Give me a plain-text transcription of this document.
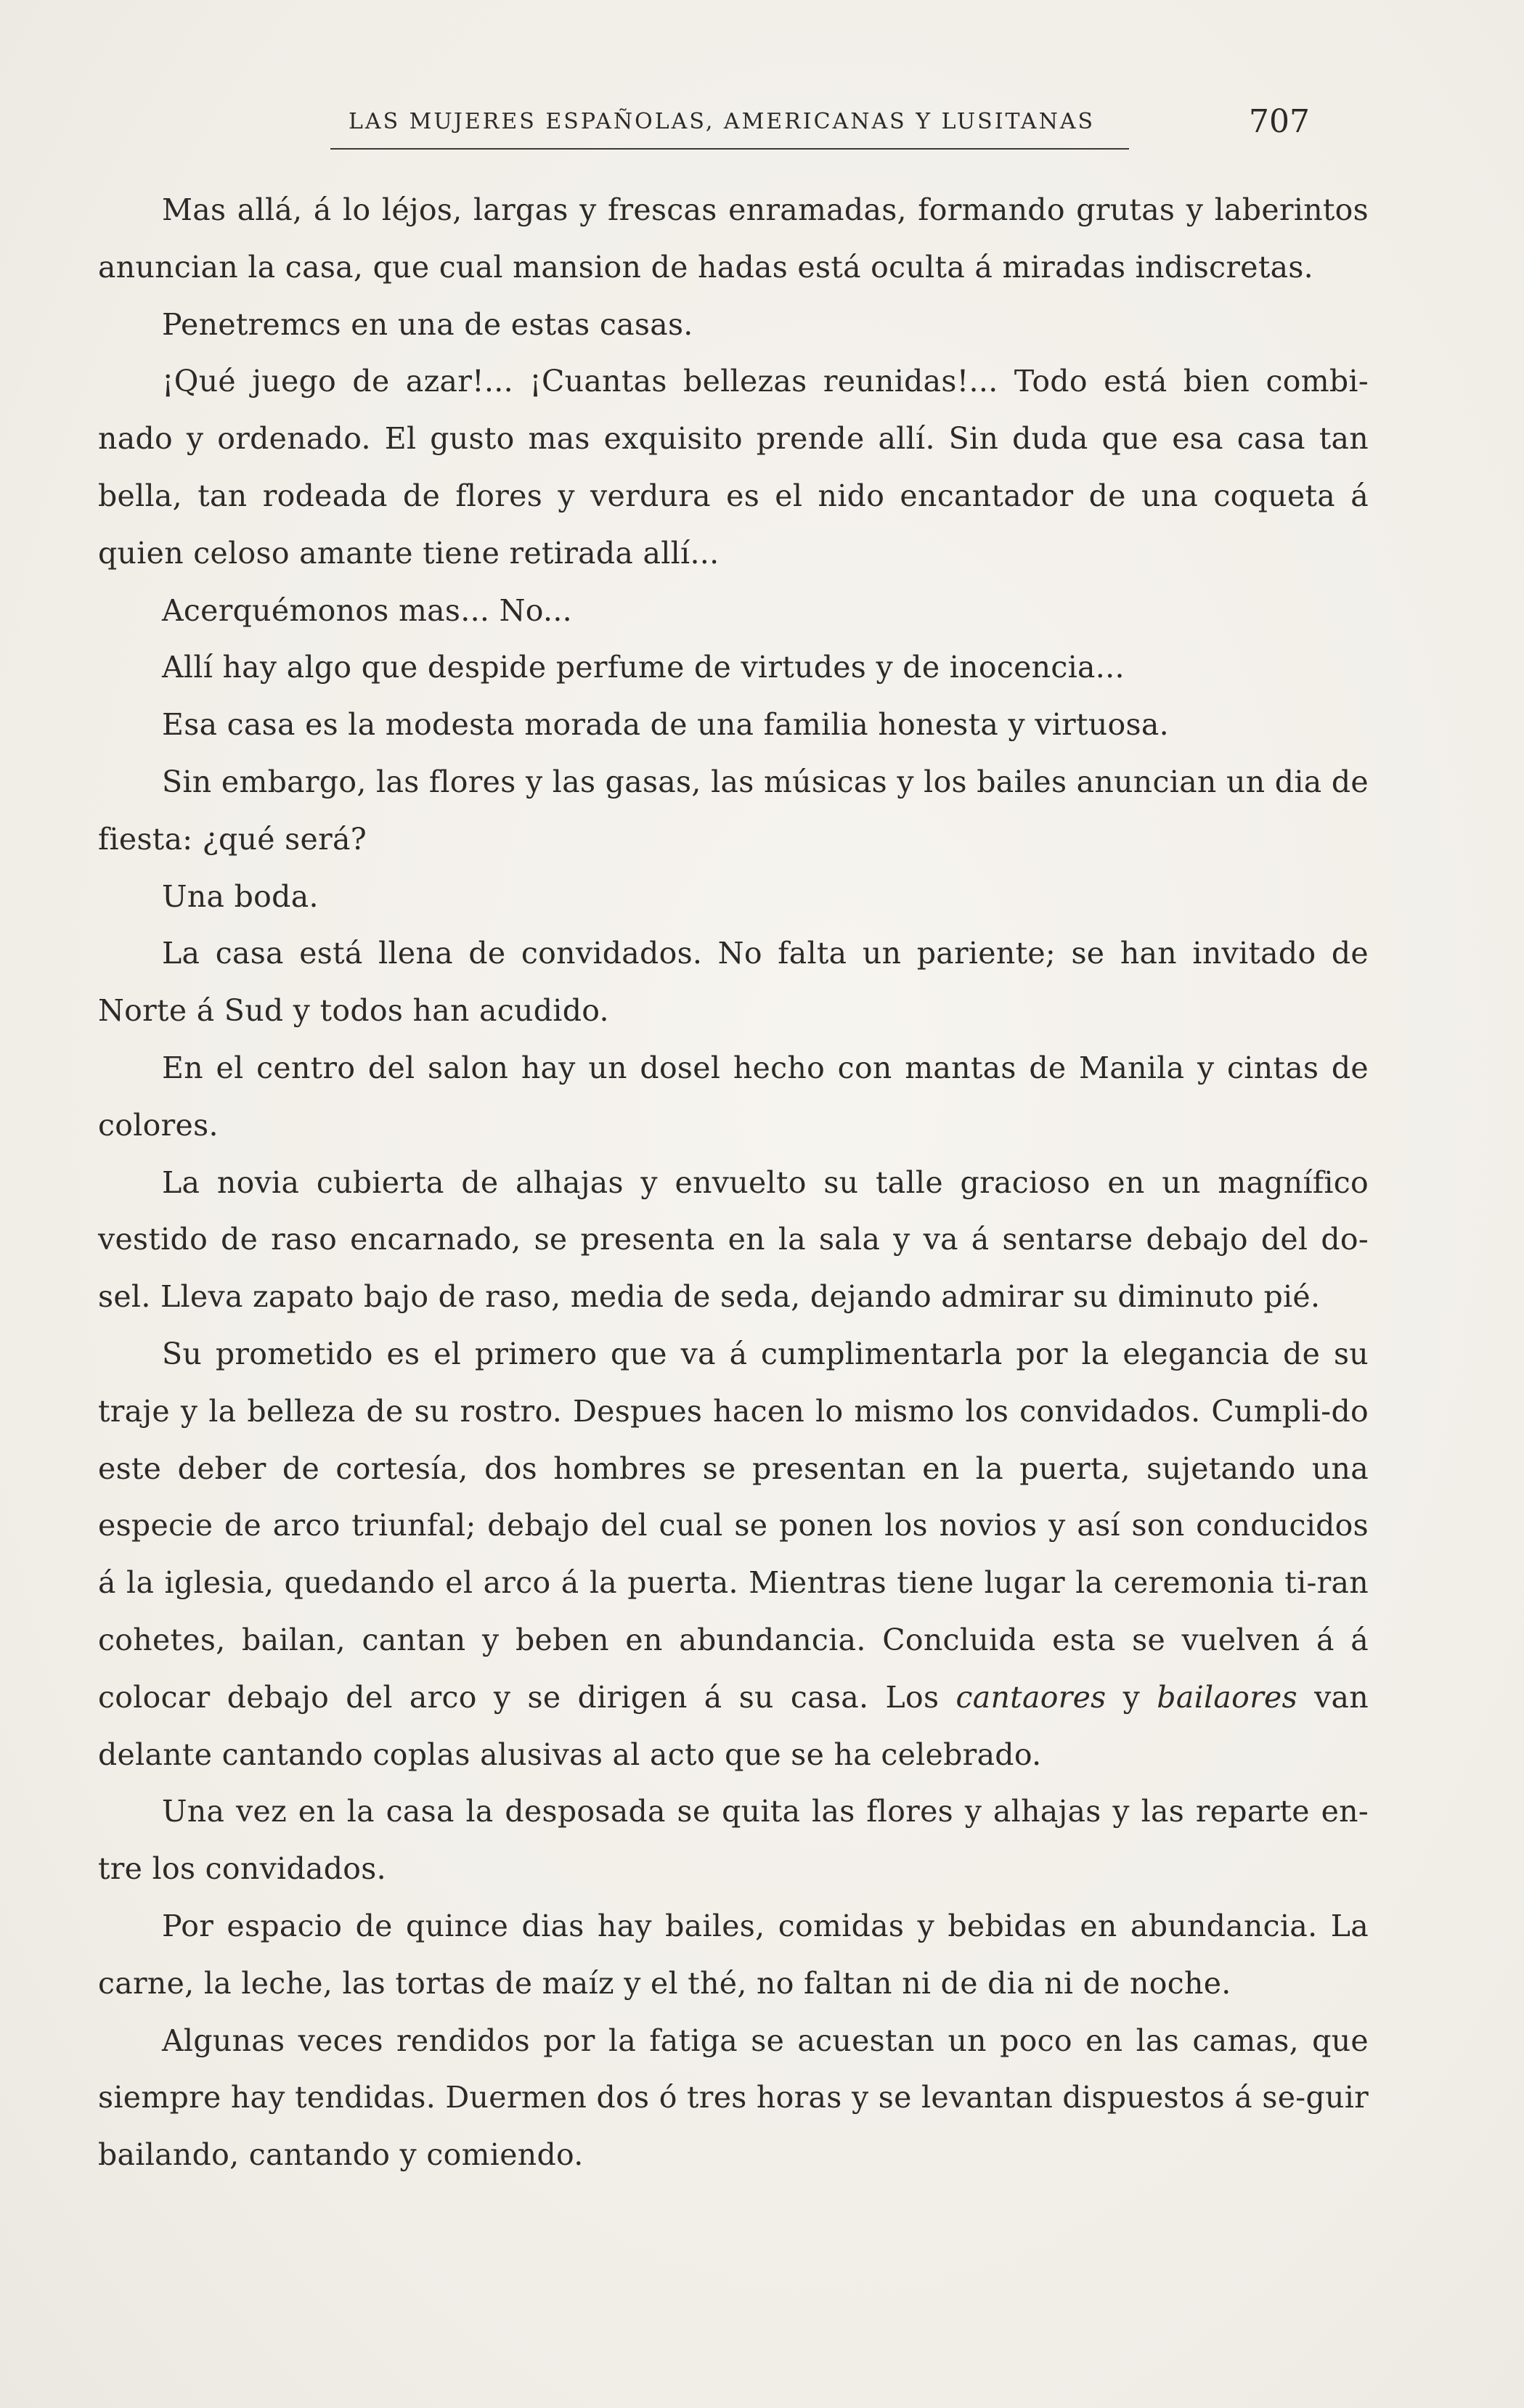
LAS MUJERES ESPAÑOLAS, AMERICANAS Y LUSITANAS	707

Mas allá, á lo léjos, largas y frescas enramadas, formando grutas y laberintos anuncian la casa, que cual mansion de hadas está oculta á miradas indiscretas.

Penetremcs en una de estas casas.

¡Qué juego de azar!... ¡Cuantas bellezas reunidas!... Todo está bien combi-nado y ordenado. El gusto mas exquisito prende allí. Sin duda que esa casa tan bella, tan rodeada de flores y verdura es el nido encantador de una coqueta á quien celoso amante tiene retirada allí...

Acerquémonos mas... No...

Allí hay algo que despide perfume de virtudes y de inocencia...

Esa casa es la modesta morada de una familia honesta y virtuosa.

Sin embargo, las flores y las gasas, las músicas y los bailes anuncian un dia de fiesta: ¿qué será?

Una boda.

La casa está llena de convidados. No falta un pariente; se han invitado de Norte á Sud y todos han acudido.

En el centro del salon hay un dosel hecho con mantas de Manila y cintas de colores.

La novia cubierta de alhajas y envuelto su talle gracioso en un magnífico vestido de raso encarnado, se presenta en la sala y va á sentarse debajo del do-sel. Lleva zapato bajo de raso, media de seda, dejando admirar su diminuto pié.

Su prometido es el primero que va á cumplimentarla por la elegancia de su traje y la belleza de su rostro. Despues hacen lo mismo los convidados. Cumpli-do este deber de cortesía, dos hombres se presentan en la puerta, sujetando una especie de arco triunfal; debajo del cual se ponen los novios y así son conducidos á la iglesia, quedando el arco á la puerta. Mientras tiene lugar la ceremonia ti-ran cohetes, bailan, cantan y beben en abundancia. Concluida esta se vuelven á á colocar debajo del arco y se dirigen á su casa. Los cantaores y bailaores van delante cantando coplas alusivas al acto que se ha celebrado.

Una vez en la casa la desposada se quita las flores y alhajas y las reparte en-tre los convidados.

Por espacio de quince dias hay bailes, comidas y bebidas en abundancia. La carne, la leche, las tortas de maíz y el thé, no faltan ni de dia ni de noche.

Algunas veces rendidos por la fatiga se acuestan un poco en las camas, que siempre hay tendidas. Duermen dos ó tres horas y se levantan dispuestos á se-guir bailando, cantando y comiendo.
